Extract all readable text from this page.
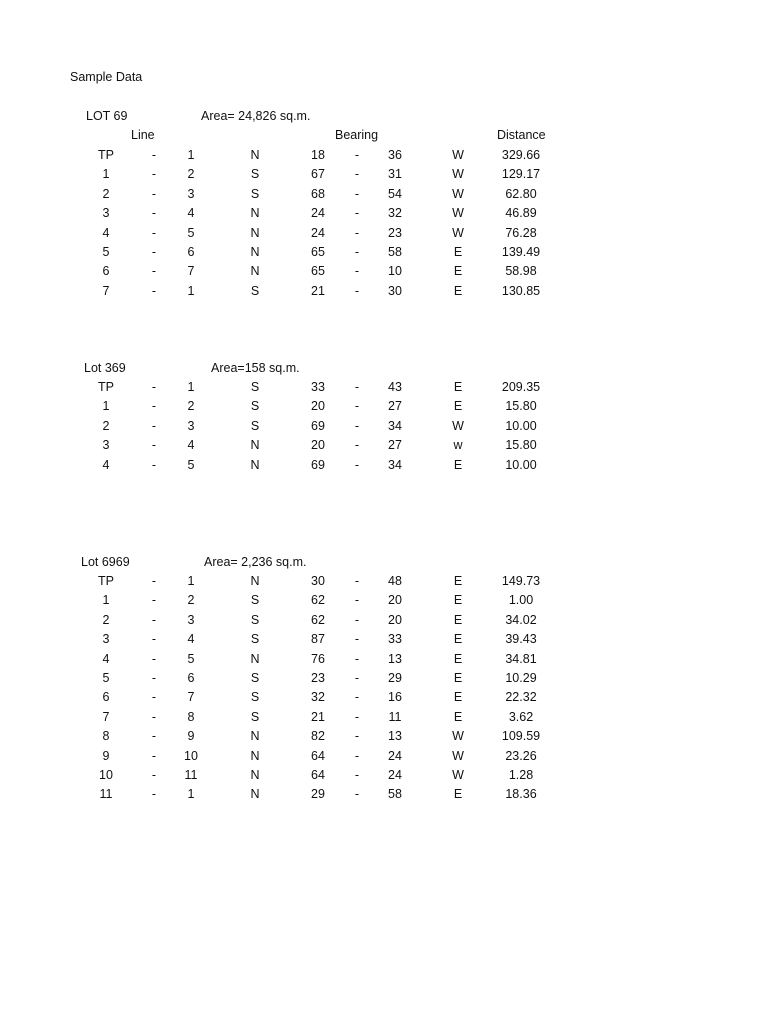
Sample Data
LOT 69	Area= 24,826 sq.m.
Line	Bearing	Distance
TP	-	1	N	18	-	36	W	329.66
1	-	2	S	67	-	31	W	129.17
2	-	3	S	68	-	54	W	62.80
3	-	4	N	24	-	32	W	46.89
4	-	5	N	24	-	23	W	76.28
5	-	6	N	65	-	58	E	139.49
6	-	7	N	65	-	10	E	58.98
7	-	1	S	21	-	30	E	130.85
Lot 369	Area=158 sq.m.
TP	-	1	S	33	-	43	E	209.35
1	-	2	S	20	-	27	E	15.80
2	-	3	S	69	-	34	W	10.00
3	-	4	N	20	-	27	w	15.80
4	-	5	N	69	-	34	E	10.00
Lot 6969	Area= 2,236 sq.m.
TP	-	1	N	30	-	48	E	149.73
1	-	2	S	62	-	20	E	1.00
2	-	3	S	62	-	20	E	34.02
3	-	4	S	87	-	33	E	39.43
4	-	5	N	76	-	13	E	34.81
5	-	6	S	23	-	29	E	10.29
6	-	7	S	32	-	16	E	22.32
7	-	8	S	21	-	11	E	3.62
8	-	9	N	82	-	13	W	109.59
9	-	10	N	64	-	24	W	23.26
10	-	11	N	64	-	24	W	1.28
11	-	1	N	29	-	58	E	18.36
